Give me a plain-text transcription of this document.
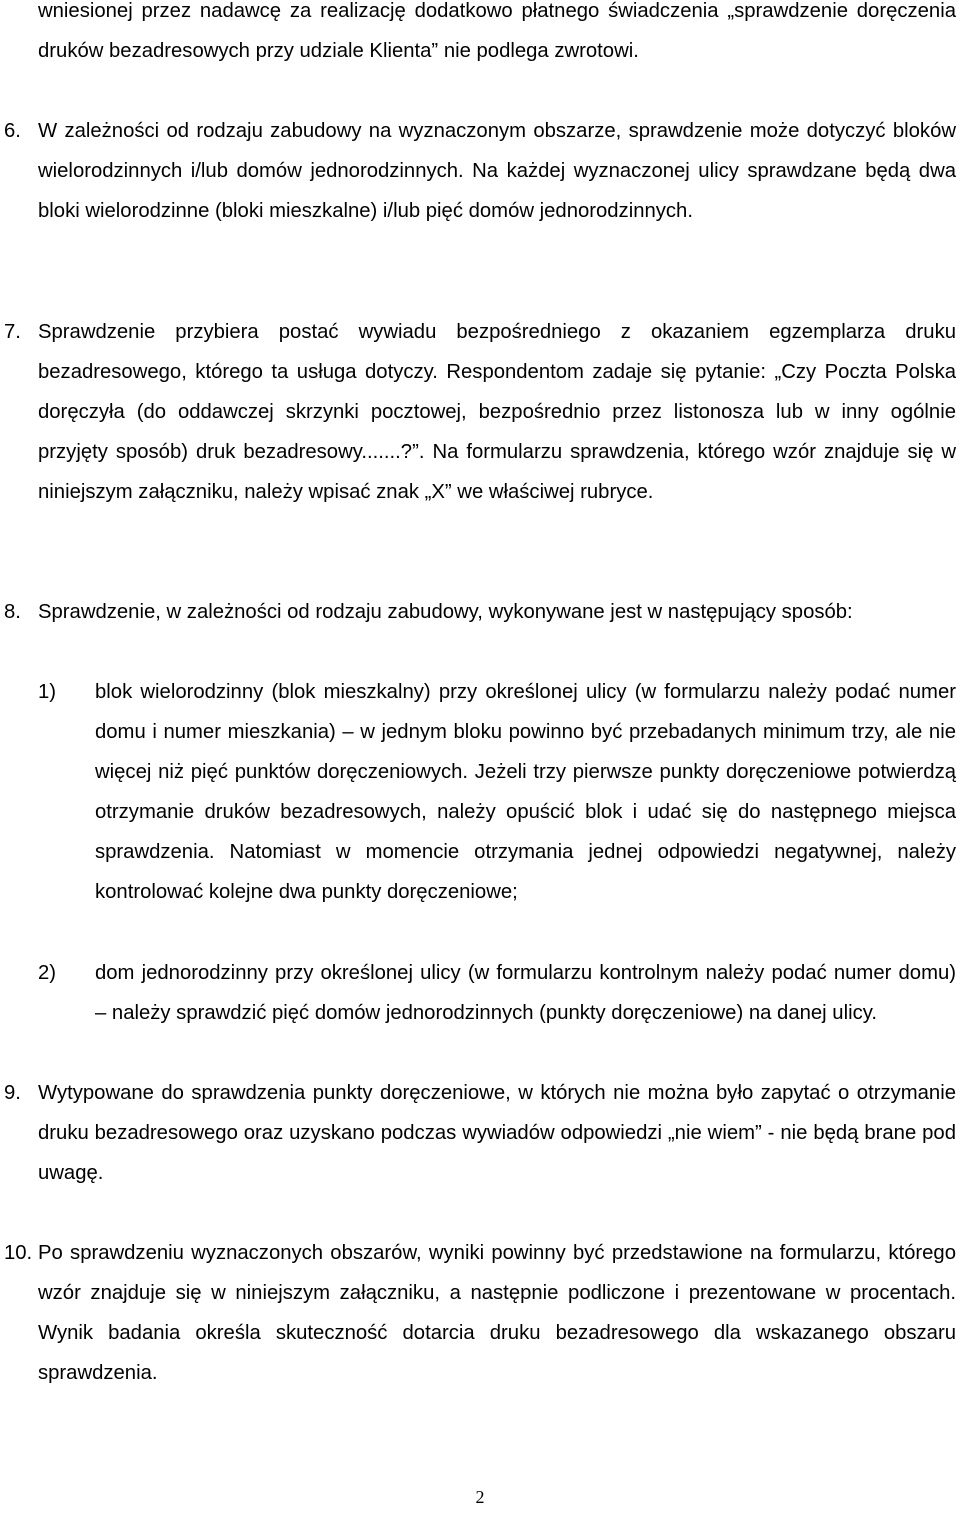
wniesionej przez nadawcę za realizację dodatkowo płatnego świadczenia „sprawdzenie doręczenia druków bezadresowych przy udziale Klienta” nie podlega zwrotowi.

6. W zależności od rodzaju zabudowy na wyznaczonym obszarze, sprawdzenie może dotyczyć bloków wielorodzinnych i/lub domów jednorodzinnych. Na każdej wyznaczonej ulicy sprawdzane będą dwa bloki wielorodzinne (bloki mieszkalne) i/lub pięć domów jednorodzinnych.

7. Sprawdzenie przybiera postać wywiadu bezpośredniego z okazaniem egzemplarza druku bezadresowego, którego ta usługa dotyczy. Respondentom zadaje się pytanie: „Czy Poczta Polska doręczyła (do oddawczej skrzynki pocztowej, bezpośrednio przez listonosza lub w inny ogólnie przyjęty sposób) druk bezadresowy.......?”. Na formularzu sprawdzenia, którego wzór znajduje się w niniejszym załączniku, należy wpisać znak „X” we właściwej rubryce.

8. Sprawdzenie, w zależności od rodzaju zabudowy, wykonywane jest w następujący sposób:

1) blok wielorodzinny (blok mieszkalny) przy określonej ulicy (w formularzu należy podać numer domu i numer mieszkania) – w jednym bloku powinno być przebadanych minimum trzy, ale nie więcej niż pięć punktów doręczeniowych. Jeżeli trzy pierwsze punkty doręczeniowe potwierdzą otrzymanie druków bezadresowych, należy opuścić blok i udać się do następnego miejsca sprawdzenia. Natomiast w momencie otrzymania jednej odpowiedzi negatywnej, należy kontrolować kolejne dwa punkty doręczeniowe;

2) dom jednorodzinny przy określonej ulicy (w formularzu kontrolnym należy podać numer domu) – należy sprawdzić pięć domów jednorodzinnych (punkty doręczeniowe) na danej ulicy.

9. Wytypowane do sprawdzenia punkty doręczeniowe, w których nie można było zapytać o otrzymanie druku bezadresowego oraz uzyskano podczas wywiadów odpowiedzi „nie wiem” - nie będą brane pod uwagę.

10. Po sprawdzeniu wyznaczonych obszarów, wyniki powinny być przedstawione na formularzu, którego wzór znajduje się w niniejszym załączniku, a następnie podliczone i prezentowane w procentach. Wynik badania określa skuteczność dotarcia druku bezadresowego dla wskazanego obszaru sprawdzenia.

2
